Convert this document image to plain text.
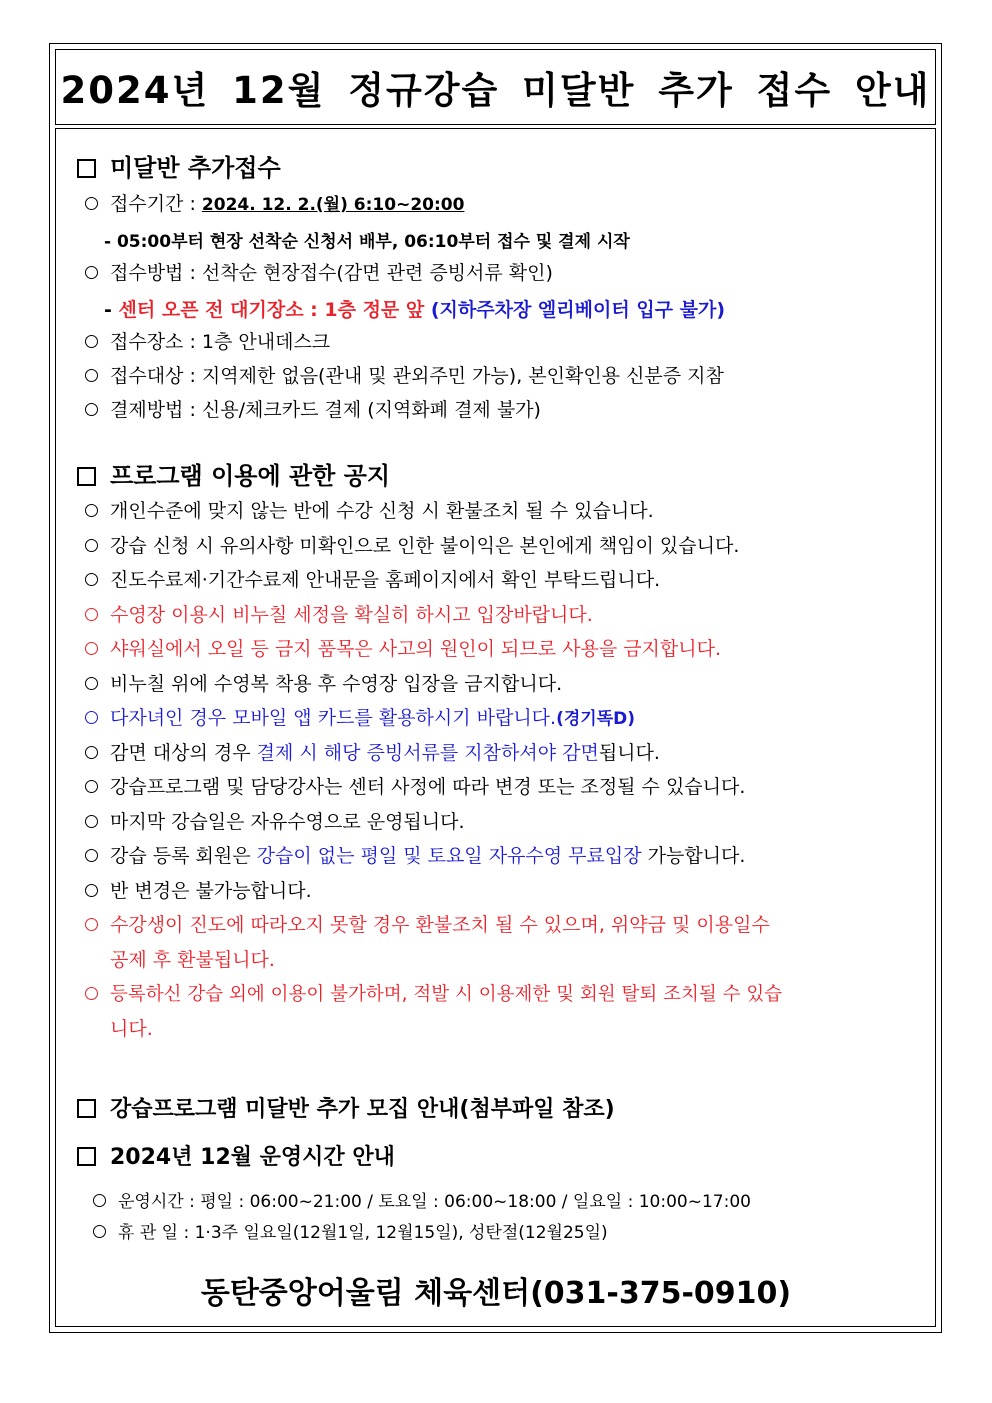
2024년 12월 정규강습 미달반 추가 접수 안내
미달반 추가접수
접수기간 : 2024. 12. 2.(월) 6:10~20:00
- 05:00부터 현장 선착순 신청서 배부, 06:10부터 접수 및 결제 시작
접수방법 : 선착순 현장접수(감면 관련 증빙서류 확인)
- 센터 오픈 전 대기장소 : 1층 정문 앞 (지하주차장 엘리베이터 입구 불가)
접수장소 : 1층 안내데스크
접수대상 : 지역제한 없음(관내 및 관외주민 가능), 본인확인용 신분증 지참
결제방법 : 신용/체크카드 결제 (지역화폐 결제 불가)
프로그램 이용에 관한 공지
개인수준에 맞지 않는 반에 수강 신청 시 환불조치 될 수 있습니다.
강습 신청 시 유의사항 미확인으로 인한 불이익은 본인에게 책임이 있습니다.
진도수료제·기간수료제 안내문을 홈페이지에서 확인 부탁드립니다.
수영장 이용시 비누칠 세정을 확실히 하시고 입장바랍니다.
샤워실에서 오일 등 금지 품목은 사고의 원인이 되므로 사용을 금지합니다.
비누칠 위에 수영복 착용 후 수영장 입장을 금지합니다.
다자녀인 경우 모바일 앱 카드를 활용하시기 바랍니다.(경기똑D)
감면 대상의 경우 결제 시 해당 증빙서류를 지참하셔야 감면됩니다.
강습프로그램 및 담당강사는 센터 사정에 따라 변경 또는 조정될 수 있습니다.
마지막 강습일은 자유수영으로 운영됩니다.
강습 등록 회원은 강습이 없는 평일 및 토요일 자유수영 무료입장 가능합니다.
반 변경은 불가능합니다.
수강생이 진도에 따라오지 못할 경우 환불조치 될 수 있으며, 위약금 및 이용일수
공제 후 환불됩니다.
등록하신 강습 외에 이용이 불가하며, 적발 시 이용제한 및 회원 탈퇴 조치될 수 있습
니다.
강습프로그램 미달반 추가 모집 안내(첨부파일 참조)
2024년 12월 운영시간 안내
운영시간 : 평일 : 06:00~21:00 / 토요일 : 06:00~18:00 / 일요일 : 10:00~17:00
휴 관 일 : 1·3주 일요일(12월1일, 12월15일), 성탄절(12월25일)
동탄중앙어울림 체육센터(031-375-0910)
